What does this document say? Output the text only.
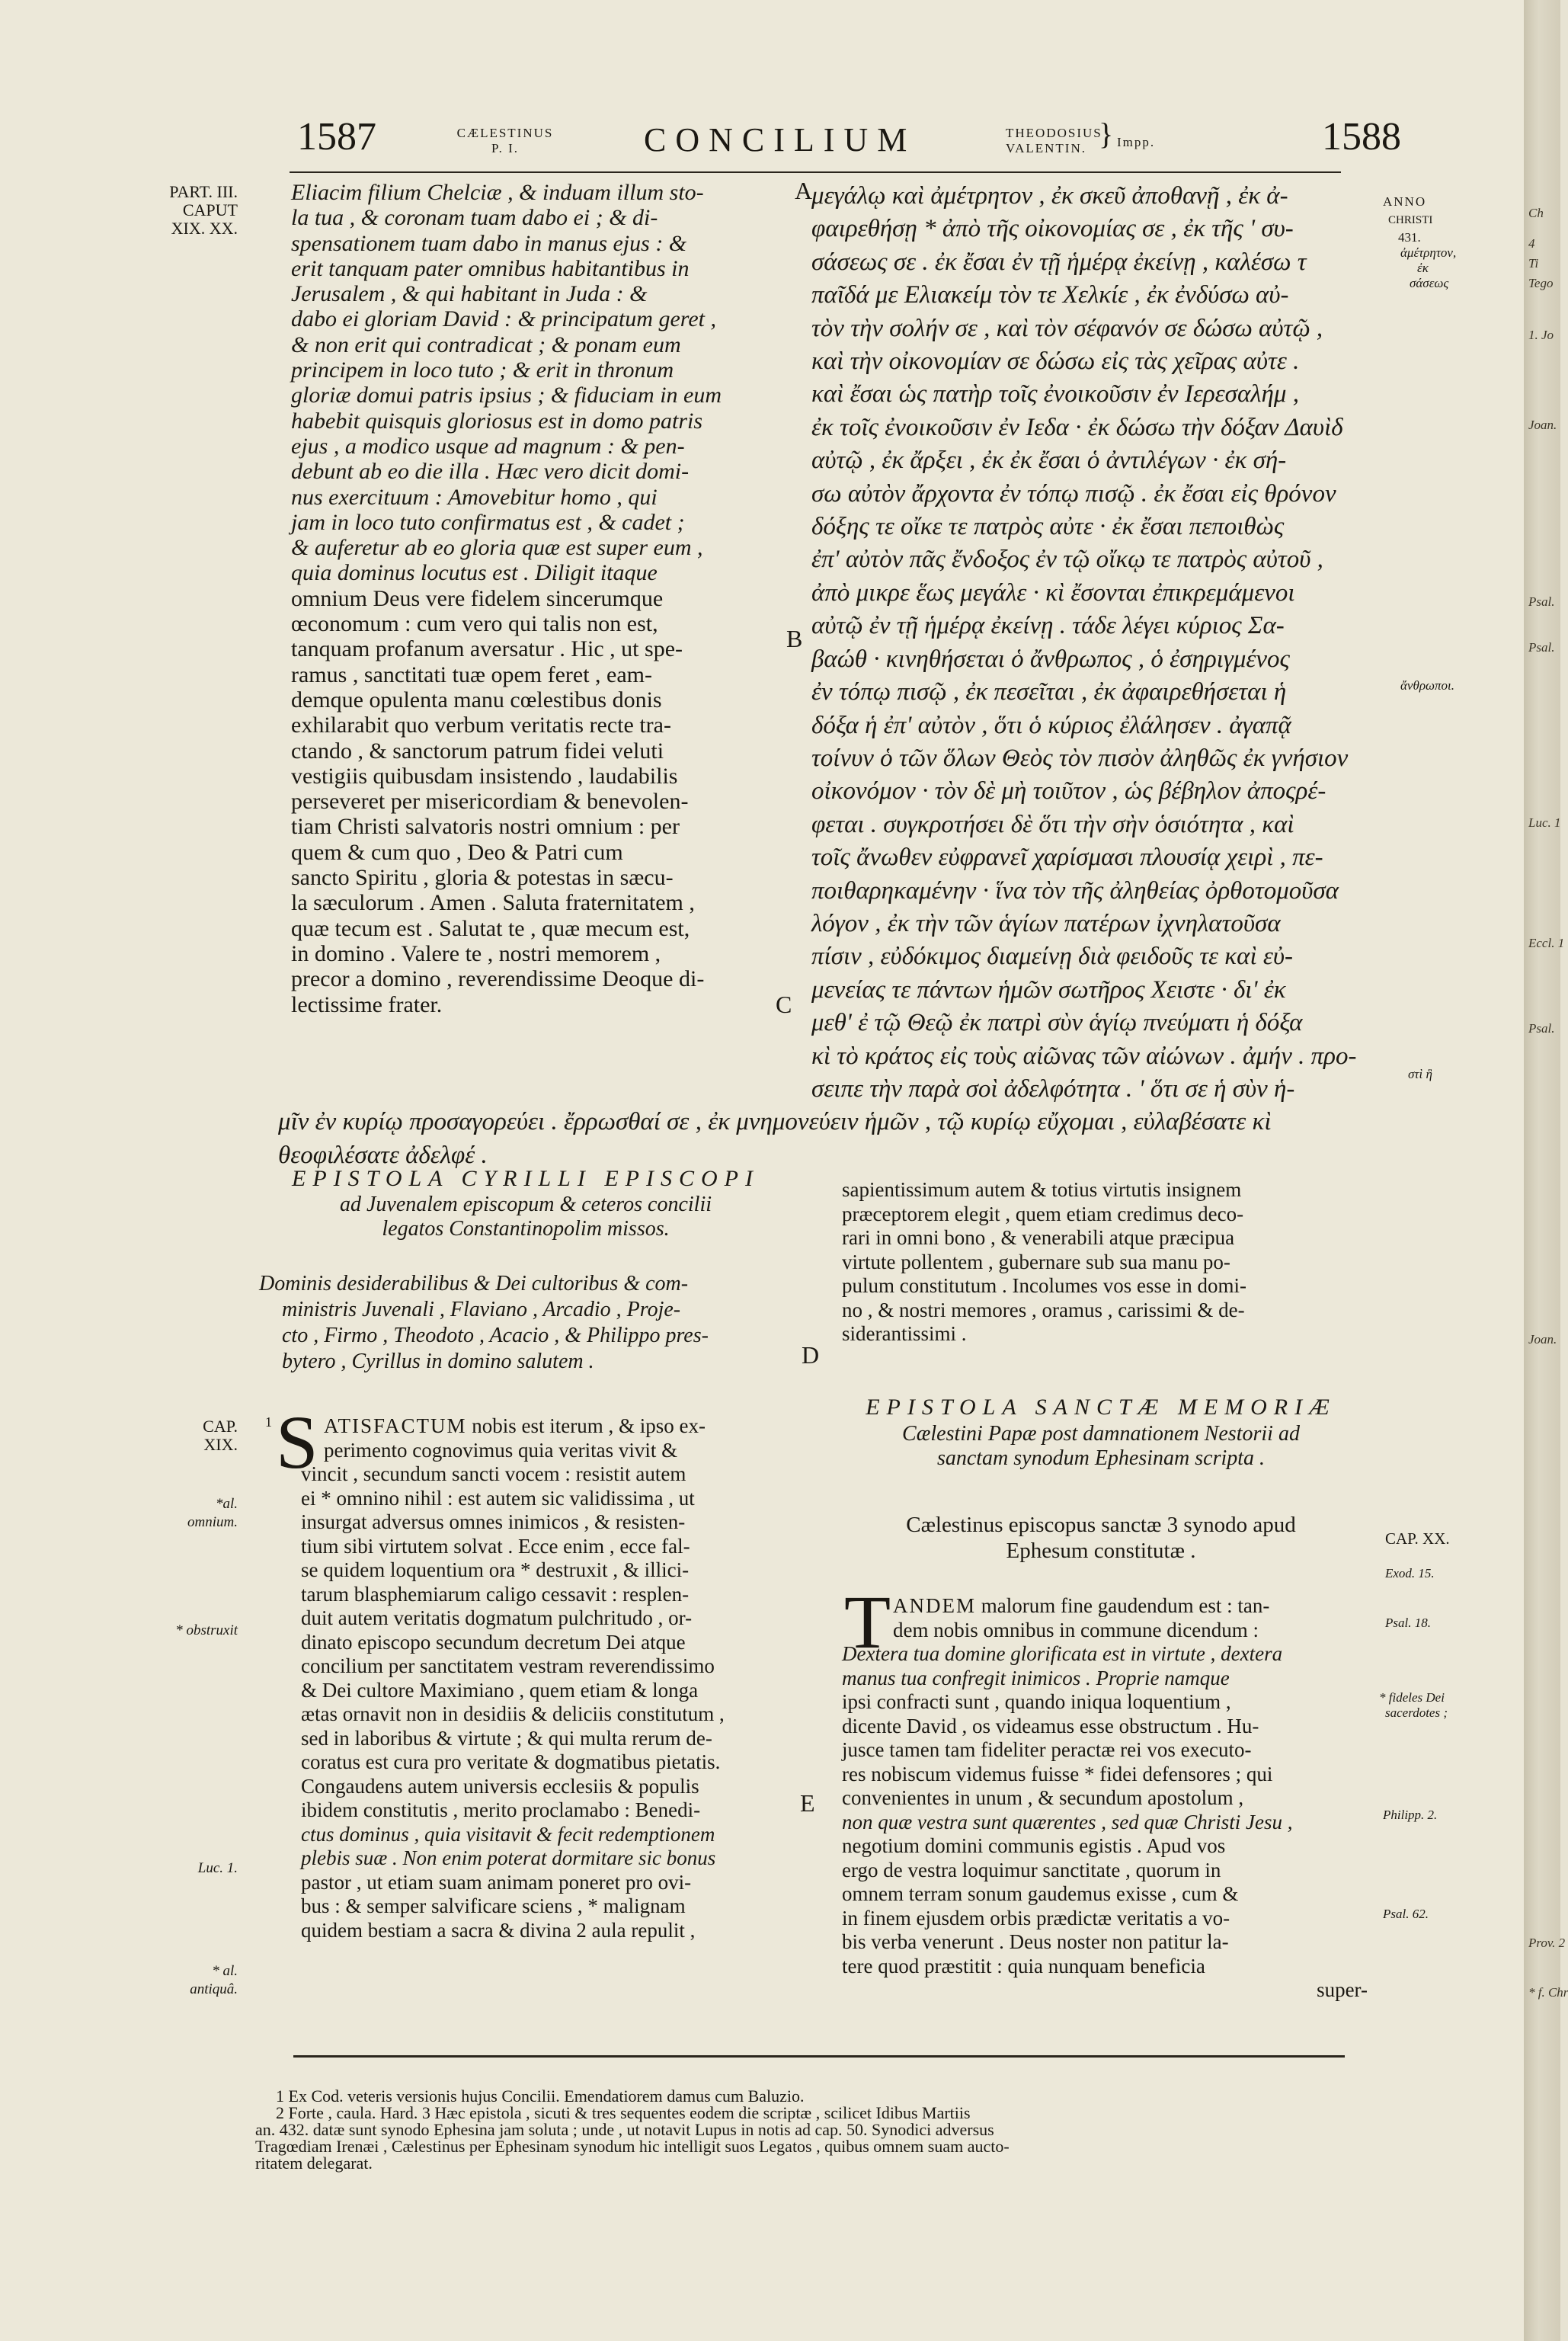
1587	CÆLESTINUS
P. I.	CONCILIUM	THEODOSIUS
VALENTIN. } Impp.	1588
PART. III.
CAPUT
XIX. XX.
CAP. XIX.
*al. omnium.
* obstruxit
Luc. 1.
* al. antiquâ.
A
B
C
D
E
ANNO
CHRISTI
431.
ἀμέτρητον,
ἐκ
σάσεως
ἄνθρωποι.
στὶ ἣ
CAP. XX.
Exod. 15.
Psal. 18.
* fideles Dei
sacerdotes ;
Philipp. 2.
Psal. 62.
Eliacim filium Chelciæ , & induam illum sto-
la tua , & coronam tuam dabo ei ; & di-
spensationem tuam dabo in manus ejus : &
erit tanquam pater omnibus habitantibus in
Jerusalem , & qui habitant in Juda : &
dabo ei gloriam David : & principatum geret ,
& non erit qui contradicat ; & ponam eum
principem in loco tuto ; & erit in thronum
gloriæ domui patris ipsius ; & fiduciam in eum
habebit quisquis gloriosus est in domo patris
ejus , a modico usque ad magnum : & pen-
debunt ab eo die illa . Hæc vero dicit domi-
nus exercituum : Amovebitur homo , qui
jam in loco tuto confirmatus est , & cadet ;
& auferetur ab eo gloria quæ est super eum ,
quia dominus locutus est . Diligit itaque
omnium Deus vere fidelem sincerumque
œconomum : cum vero qui talis non est,
tanquam profanum aversatur . Hic , ut spe-
ramus , sanctitati tuæ opem feret , eam-
demque opulenta manu cœlestibus donis
exhilarabit quo verbum veritatis recte tra-
ctando , & sanctorum patrum fidei veluti
vestigiis quibusdam insistendo , laudabilis
perseveret per misericordiam & benevolen-
tiam Christi salvatoris nostri omnium : per
quem & cum quo , Deo & Patri cum
sancto Spiritu , gloria & potestas in sæcu-
la sæculorum . Amen . Saluta fraternitatem ,
quæ tecum est . Salutat te , quæ mecum est,
in domino . Valere te , nostri memorem ,
precor a domino , reverendissime Deoque di-
lectissime frater.
μεγάλῳ καὶ ἀμέτρητον , ἐκ σκεῦ ἀποθανῇ , ἐκ ἀ-
φαιρεθήσῃ * ἀπὸ τῆς οἰκονομίας σε , ἐκ τῆς ' συ-
σάσεως σε . ἐκ ἔσαι ἐν τῇ ἡμέρᾳ ἐκείνῃ , καλέσω τ
παῖδά με Ελιακείμ τὸν τε Χελκίε , ἐκ ἐνδύσω αὐ-
τὸν τὴν σολήν σε , καὶ τὸν σέφανόν σε δώσω αὐτῷ ,
καὶ τὴν οἰκονομίαν σε δώσω εἰς τὰς χεῖρας αὐτε .
καὶ ἔσαι ὡς πατὴρ τοῖς ἐνοικοῦσιν ἐν Ιερεσαλήμ ,
ἐκ τοῖς ἐνοικοῦσιν ἐν Ιεδα · ἐκ δώσω τὴν δόξαν Δαυὶδ
αὐτῷ , ἐκ ἄρξει , ἐκ ἐκ ἔσαι ὁ ἀντιλέγων · ἐκ σή-
σω αὐτὸν ἄρχοντα ἐν τόπῳ πισῷ . ἐκ ἔσαι εἰς θρόνον
δόξης τε οἴκε τε πατρὸς αὐτε · ἐκ ἔσαι πεποιθὼς
ἐπ' αὐτὸν πᾶς ἔνδοξος ἐν τῷ οἴκῳ τε πατρὸς αὐτοῦ ,
ἀπὸ μικρε ἕως μεγάλε · κὶ ἔσονται ἐπικρεμάμενοι
αὐτῷ ἐν τῇ ἡμέρᾳ ἐκείνῃ . τάδε λέγει κύριος Σα-
βαώθ · κινηθήσεται ὁ ἄνθρωπος , ὁ ἐσηριγμένος
ἐν τόπῳ πισῷ , ἐκ πεσεῖται , ἐκ ἀφαιρεθήσεται ἡ
δόξα ἡ ἐπ' αὐτὸν , ὅτι ὁ κύριος ἐλάλησεν . ἀγαπᾷ
τοίνυν ὁ τῶν ὅλων Θεὸς τὸν πισὸν ἀληθῶς ἐκ γνήσιον
οἰκονόμον · τὸν δὲ μὴ τοιῦτον , ὡς βέβηλον ἀποςρέ-
φεται . συγκροτήσει δὲ ὅτι τὴν σὴν ὁσιότητα , καὶ
τοῖς ἄνωθεν εὐφρανεῖ χαρίσμασι πλουσίᾳ χειρὶ , πε-
ποιθαρηκαμένην · ἵνα τὸν τῆς ἀληθείας ὀρθοτομοῦσα
λόγον , ἐκ τὴν τῶν ἁγίων πατέρων ἰχνηλατοῦσα
πίσιν , εὐδόκιμος διαμείνῃ διὰ φειδοῦς τε καὶ εὐ-
μενείας τε πάντων ἡμῶν σωτῆρος Χειστε · δι' ἐκ
μεθ' ἐ τῷ Θεῷ ἐκ πατρὶ σὺν ἁγίῳ πνεύματι ἡ δόξα
κὶ τὸ κράτος εἰς τοὺς αἰῶνας τῶν αἰώνων . ἀμήν . προ-
σειπε τὴν παρὰ σοὶ ἀδελφότητα . ' ὅτι σε ἡ σὺν ἡ-
μῖν ἐν κυρίῳ προσαγορεύει . ἔρρωσθαί σε , ἐκ μνημονεύειν ἡμῶν , τῷ κυρίῳ εὔχομαι , εὐλαβέσατε κὶ
θεοφιλέσατε ἀδελφέ .
EPISTOLA CYRILLI EPISCOPI
ad Juvenalem episcopum & ceteros concilii
legatos Constantinopolim missos.
Dominis desiderabilibus & Dei cultoribus & com-
ministris Juvenali , Flaviano , Arcadio , Proje-
cto , Firmo , Theodoto , Acacio , & Philippo pres-
bytero , Cyrillus in domino salutem .
1 S ATISFACTUM nobis est iterum , & ipso ex-
perimento cognovimus quia veritas vivit &
vincit , secundum sancti vocem : resistit autem
ei * omnino nihil : est autem sic validissima , ut
insurgat adversus omnes inimicos , & resisten-
tium sibi virtutem solvat . Ecce enim , ecce fal-
se quidem loquentium ora * destruxit , & illici-
tarum blasphemiarum caligo cessavit : resplen-
duit autem veritatis dogmatum pulchritudo , or-
dinato episcopo secundum decretum Dei atque
concilium per sanctitatem vestram reverendissimo
& Dei cultore Maximiano , quem etiam & longa
ætas ornavit non in desidiis & deliciis constitutum ,
sed in laboribus & virtute ; & qui multa rerum de-
coratus est cura pro veritate & dogmatibus pietatis.
Congaudens autem universis ecclesiis & populis
ibidem constitutis , merito proclamabo : Benedi-
ctus dominus , quia visitavit & fecit redemptionem
plebis suæ . Non enim poterat dormitare sic bonus
pastor , ut etiam suam animam poneret pro ovi-
bus : & semper salvificare sciens , * malignam
quidem bestiam a sacra & divina 2 aula repulit ,
sapientissimum autem & totius virtutis insignem
præceptorem elegit , quem etiam credimus deco-
rari in omni bono , & venerabili atque præcipua
virtute pollentem , gubernare sub sua manu po-
pulum constitutum . Incolumes vos esse in domi-
no , & nostri memores , oramus , carissimi & de-
siderantissimi .
EPISTOLA SANCTÆ MEMORIÆ
Cælestini Papæ post damnationem Nestorii ad
sanctam synodum Ephesinam scripta .
Cælestinus episcopus sanctæ 3 synodo apud
Ephesum constitutæ .
T ANDEM malorum fine gaudendum est : tan-
dem nobis omnibus in commune dicendum :
Dextera tua domine glorificata est in virtute , dextera
manus tua confregit inimicos . Proprie namque
ipsi confracti sunt , quando iniqua loquentium ,
dicente David , os videamus esse obstructum . Hu-
jusce tamen tam fideliter peractæ rei vos executo-
res nobiscum videmus fuisse * fidei defensores ; qui
convenientes in unum , & secundum apostolum ,
non quæ vestra sunt quærentes , sed quæ Christi Jesu ,
negotium domini communis egistis . Apud vos
ergo de vestra loquimur sanctitate , quorum in
omnem terram sonum gaudemus exisse , cum &
in finem ejusdem orbis prædictæ veritatis a vo-
bis verba venerunt . Deus noster non patitur la-
tere quod præstitit : quia nunquam beneficia
super-
1 Ex Cod. veteris versionis hujus Concilii. Emendatiorem damus cum Baluzio.
2 Forte , caula. Hard. 3 Hæc epistola , sicuti & tres sequentes eodem die scriptæ , scilicet Idibus Martiis
an. 432. datæ sunt synodo Ephesina jam soluta ; unde , ut notavit Lupus in notis ad cap. 50. Synodici adversus
Tragœdiam Irenæi , Cælestinus per Ephesinam synodum hic intelligit suos Legatos , quibus omnem suam aucto-
ritatem delegarat.
Ch
4
Ti
Tego
1. Jo
Joan.
Psal.
Psal.
Luc. 1
Eccl. 1
Psal.
Joan.
Prov. 2
* f. Chr
